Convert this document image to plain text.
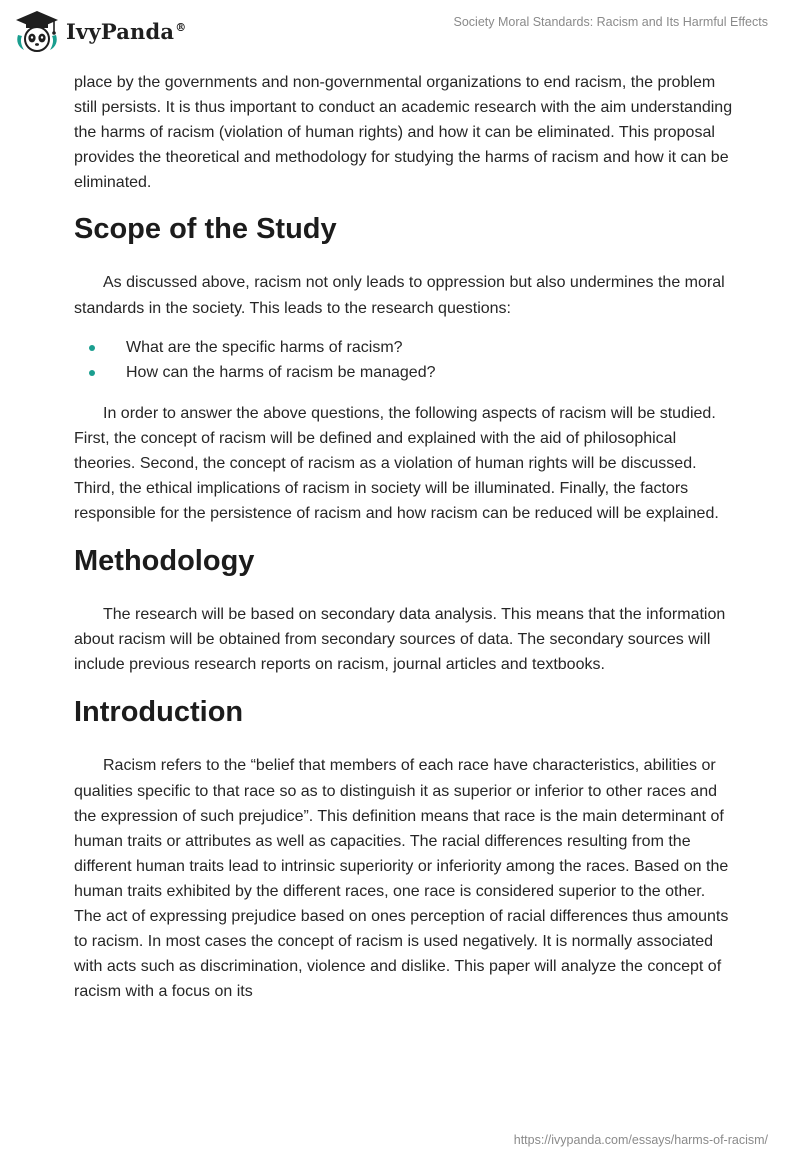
IvyPanda®	Society Moral Standards: Racism and Its Harmful Effects

place by the governments and non-governmental organizations to end racism, the problem still persists. It is thus important to conduct an academic research with the aim understanding the harms of racism (violation of human rights) and how it can be eliminated. This proposal provides the theoretical and methodology for studying the harms of racism and how it can be eliminated.

Scope of the Study

As discussed above, racism not only leads to oppression but also undermines the moral standards in the society. This leads to the research questions:

What are the specific harms of racism?
How can the harms of racism be managed?

In order to answer the above questions, the following aspects of racism will be studied. First, the concept of racism will be defined and explained with the aid of philosophical theories. Second, the concept of racism as a violation of human rights will be discussed. Third, the ethical implications of racism in society will be illuminated. Finally, the factors responsible for the persistence of racism and how racism can be reduced will be explained.

Methodology

The research will be based on secondary data analysis. This means that the information about racism will be obtained from secondary sources of data. The secondary sources will include previous research reports on racism, journal articles and textbooks.

Introduction

Racism refers to the “belief that members of each race have characteristics, abilities or qualities specific to that race so as to distinguish it as superior or inferior to other races and the expression of such prejudice”. This definition means that race is the main determinant of human traits or attributes as well as capacities. The racial differences resulting from the different human traits lead to intrinsic superiority or inferiority among the races. Based on the human traits exhibited by the different races, one race is considered superior to the other. The act of expressing prejudice based on ones perception of racial differences thus amounts to racism. In most cases the concept of racism is used negatively. It is normally associated with acts such as discrimination, violence and dislike. This paper will analyze the concept of racism with a focus on its

https://ivypanda.com/essays/harms-of-racism/
